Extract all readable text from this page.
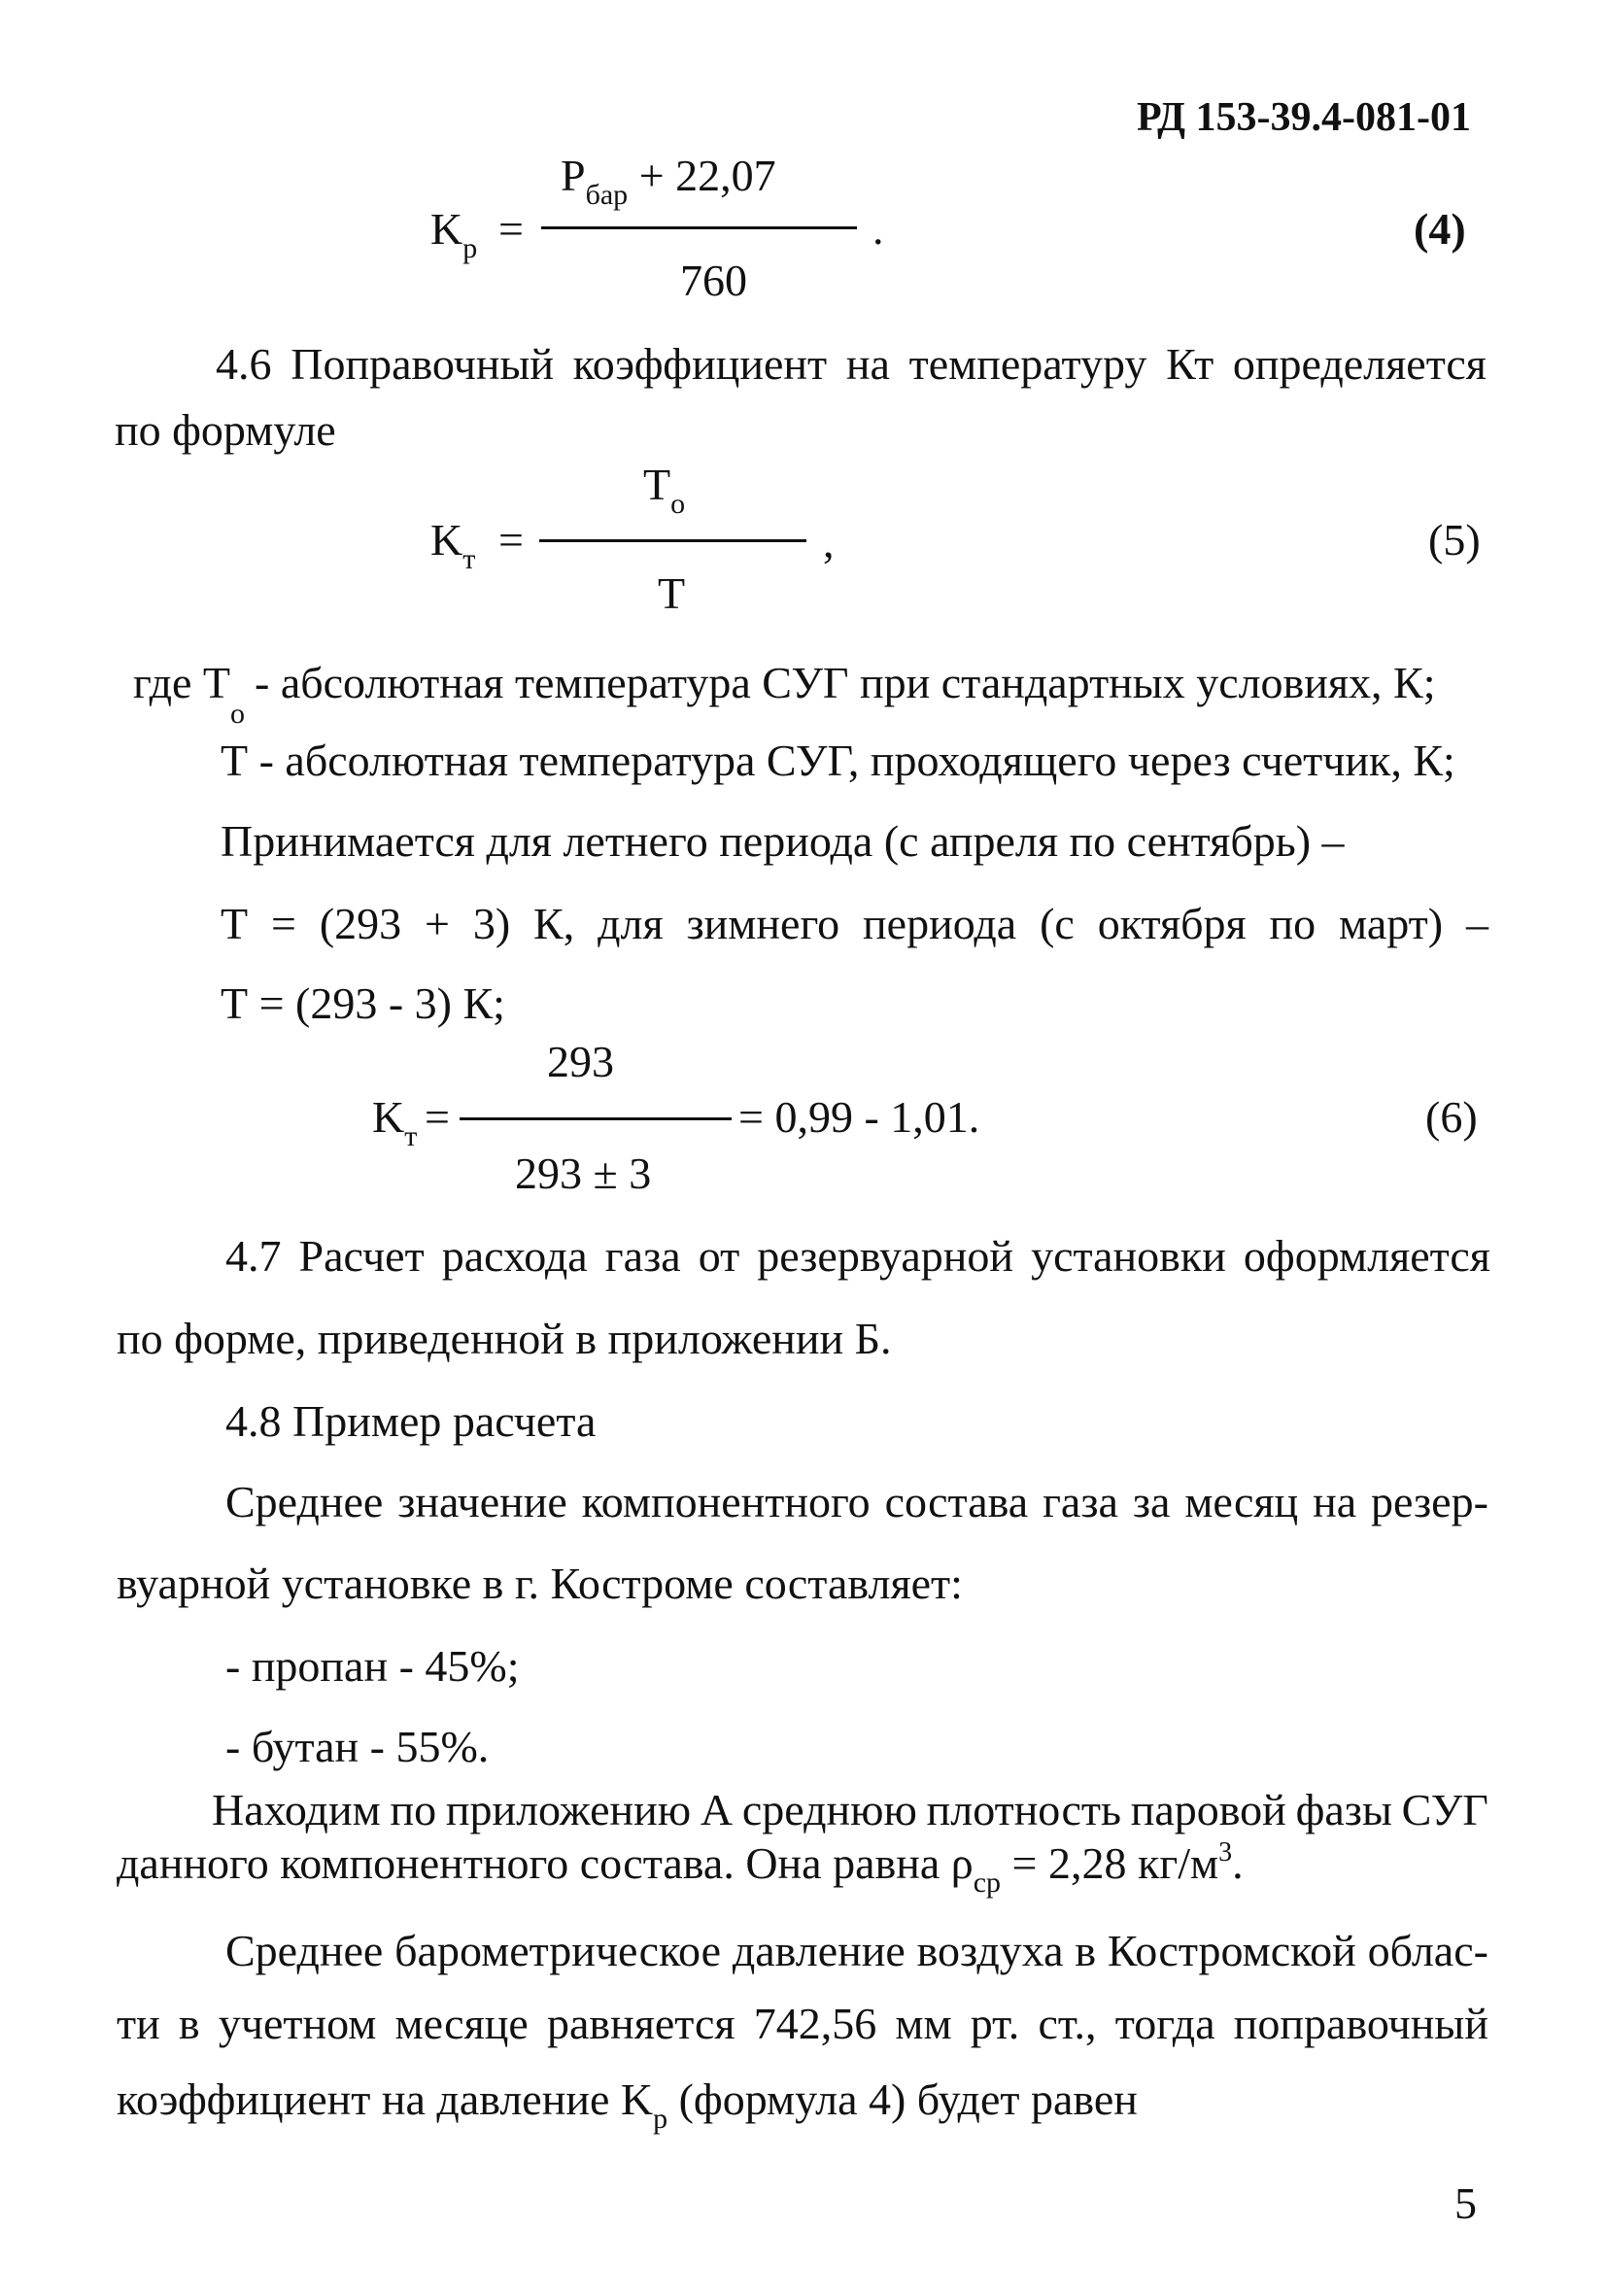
РД 153-39.4-081-01
$P_{бар} + 22,07$
$K_р$ =	.
760
(4)
4.6 Поправочный коэффициент на температуру Кт определяется
по формуле
$T_о$
$K_т$ =	,
T
(5)
где $Т_о-$ абсолютная температура СУГ при стандартных условиях, К;
Т - абсолютная температура СУГ, проходящего через счетчик, К;
Принимается для летнего периода (с апреля по сентябрь) –
Т = (293 + 3) К, для зимнего периода (с октября по март) –
Т = (293 - 3) К;
293
$K_т$ =	= 0,99 - 1,01.
293 ± 3
(6)
4.7 Расчет расхода газа от резервуарной установки оформляется
по форме, приведенной в приложении Б.
4.8 Пример расчета
Среднее значение компонентного состава газа за месяц на резер-
вуарной установке в г. Костроме составляет:
- пропан - 45%;
- бутан - 55%.
Находим по приложению А среднюю плотность паровой фазы СУГ
данного компонентного состава. Она равна $\rho_{ср} = 2,28$ $кг/м^3$.
Среднее барометрическое давление воздуха в Костромской облас-
ти в учетном месяце равняется 742,56 мм рт. ст., тогда поправочный
коэффициент на давление $K_р$ (формула 4) будет равен
5
